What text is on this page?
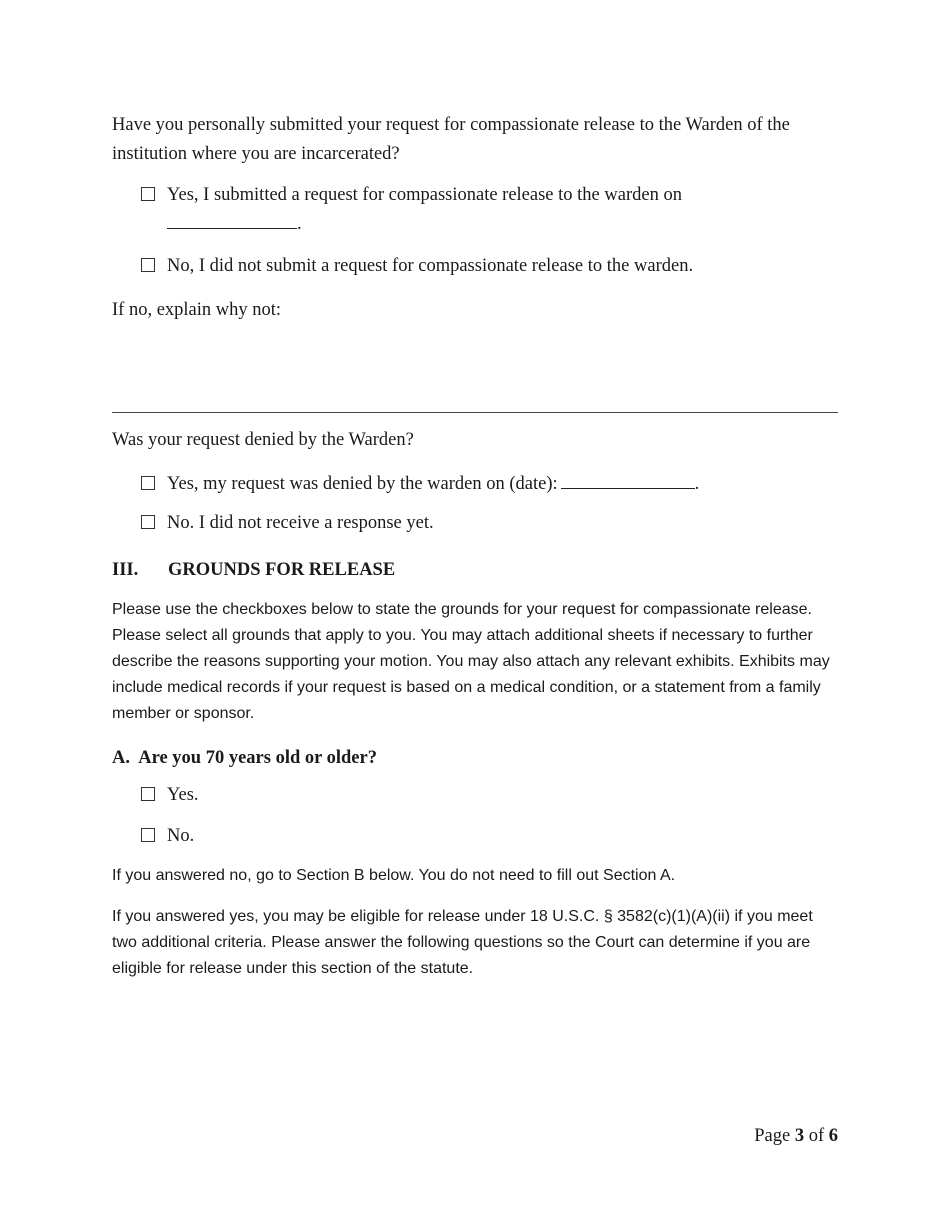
Have you personally submitted your request for compassionate release to the Warden of the institution where you are incarcerated?
Yes, I submitted a request for compassionate release to the warden on
.
No, I did not submit a request for compassionate release to the warden.
If no, explain why not:
Was your request denied by the Warden?
Yes, my request was denied by the warden on (date):	.
No. I did not receive a response yet.
III. GROUNDS FOR RELEASE
Please use the checkboxes below to state the grounds for your request for compassionate release. Please select all grounds that apply to you. You may attach additional sheets if necessary to further describe the reasons supporting your motion. You may also attach any relevant exhibits. Exhibits may include medical records if your request is based on a medical condition, or a statement from a family member or sponsor.
A.  Are you 70 years old or older?
Yes.
No.
If you answered no, go to Section B below. You do not need to fill out Section A.
If you answered yes, you may be eligible for release under 18 U.S.C. § 3582(c)(1)(A)(ii) if you meet two additional criteria. Please answer the following questions so the Court can determine if you are eligible for release under this section of the statute.
Page 3 of 6
